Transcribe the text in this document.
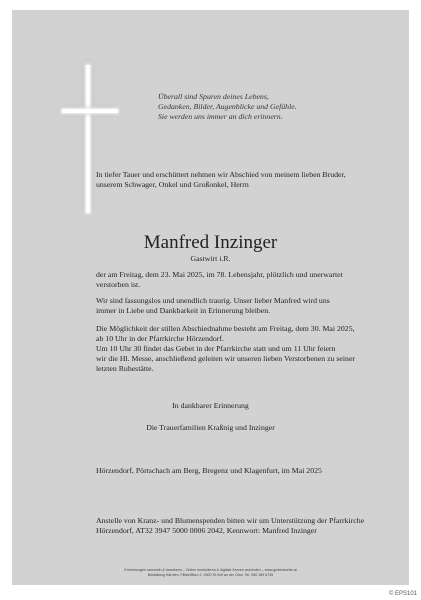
Überall sind Spuren deines Lebens,
Gedanken, Bilder, Augenblicke und Gefühle.
Sie werden uns immer an dich erinnern.
In tiefer Tauer und erschüttert nehmen wir Abschied von meinem lieben Bruder,
unserem Schwager, Onkel und Großonkel, Herrn
Manfred Inzinger
Gastwirt i.R.
der am Freitag, dem 23. Mai 2025, im 78. Lebensjahr, plötzlich und unerwartet
verstorben ist.
Wir sind fassungslos und unendlich traurig. Unser lieber Manfred wird uns
immer in Liebe und Dankbarkeit in Erinnerung bleiben.
Die Möglichkeit der stillen Abschiednahme besteht am Freitag, dem 30. Mai 2025,
ab 10 Uhr in der Pfarrkirche Hörzendorf.
Um 10 Uhr 30 findet das Gebet in der Pfarrkirche statt und um 11 Uhr feiern
wir die Hl. Messe, anschließend geleiten wir unseren lieben Verstorbenen zu seiner
letzten Ruhestätte.
In dankbarer Erinnerung
Die Trauerfamilien Kraßnig und Inzinger
Hörzendorf, Pörtschach am Berg, Bregenz und Klagenfurt, im Mai 2025
Anstelle von Kranz- und Blumenspenden bitten wir um Unterstützung der Pfarrkirche
Hörzendorf, AT32 3947 5000 0006 2042, Kennwort: Manfred Inzinger
Erinnerungen sammeln & bewahren – Online kondolieren & digitale Kerzen anzünden – www.gedenkseite.at
Bestattung Kärnten, Filiale/Büro 2, 9300 St.Veit an der Glan, Tel. 050 189 6735
© EPS101
